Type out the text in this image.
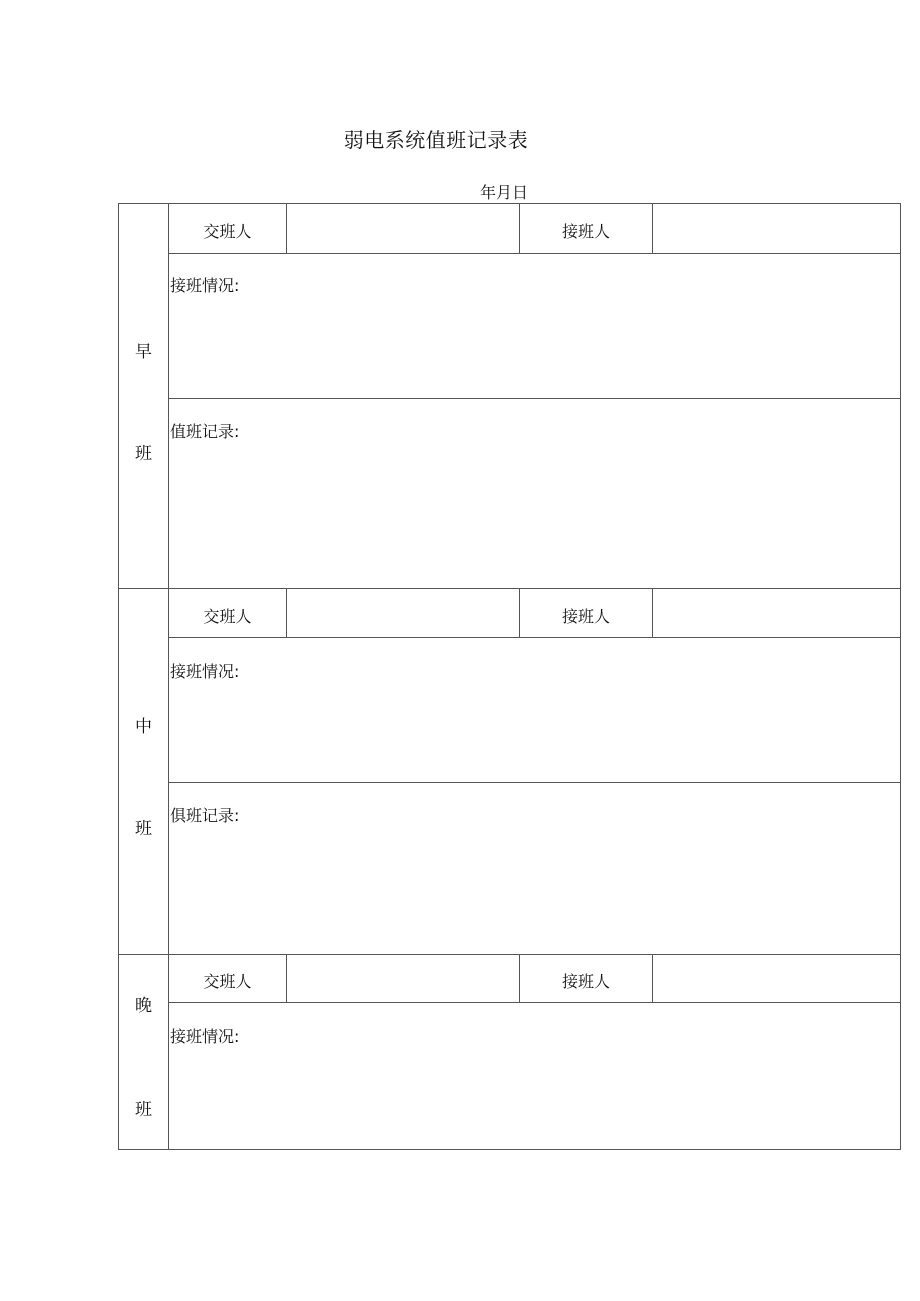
弱电系统值班记录表
年月日
早
班
交班人	接班人
接班情况:
值班记录:
中
班
交班人	接班人
接班情况:
俱班记录:
晚
班
交班人	接班人
接班情况:
